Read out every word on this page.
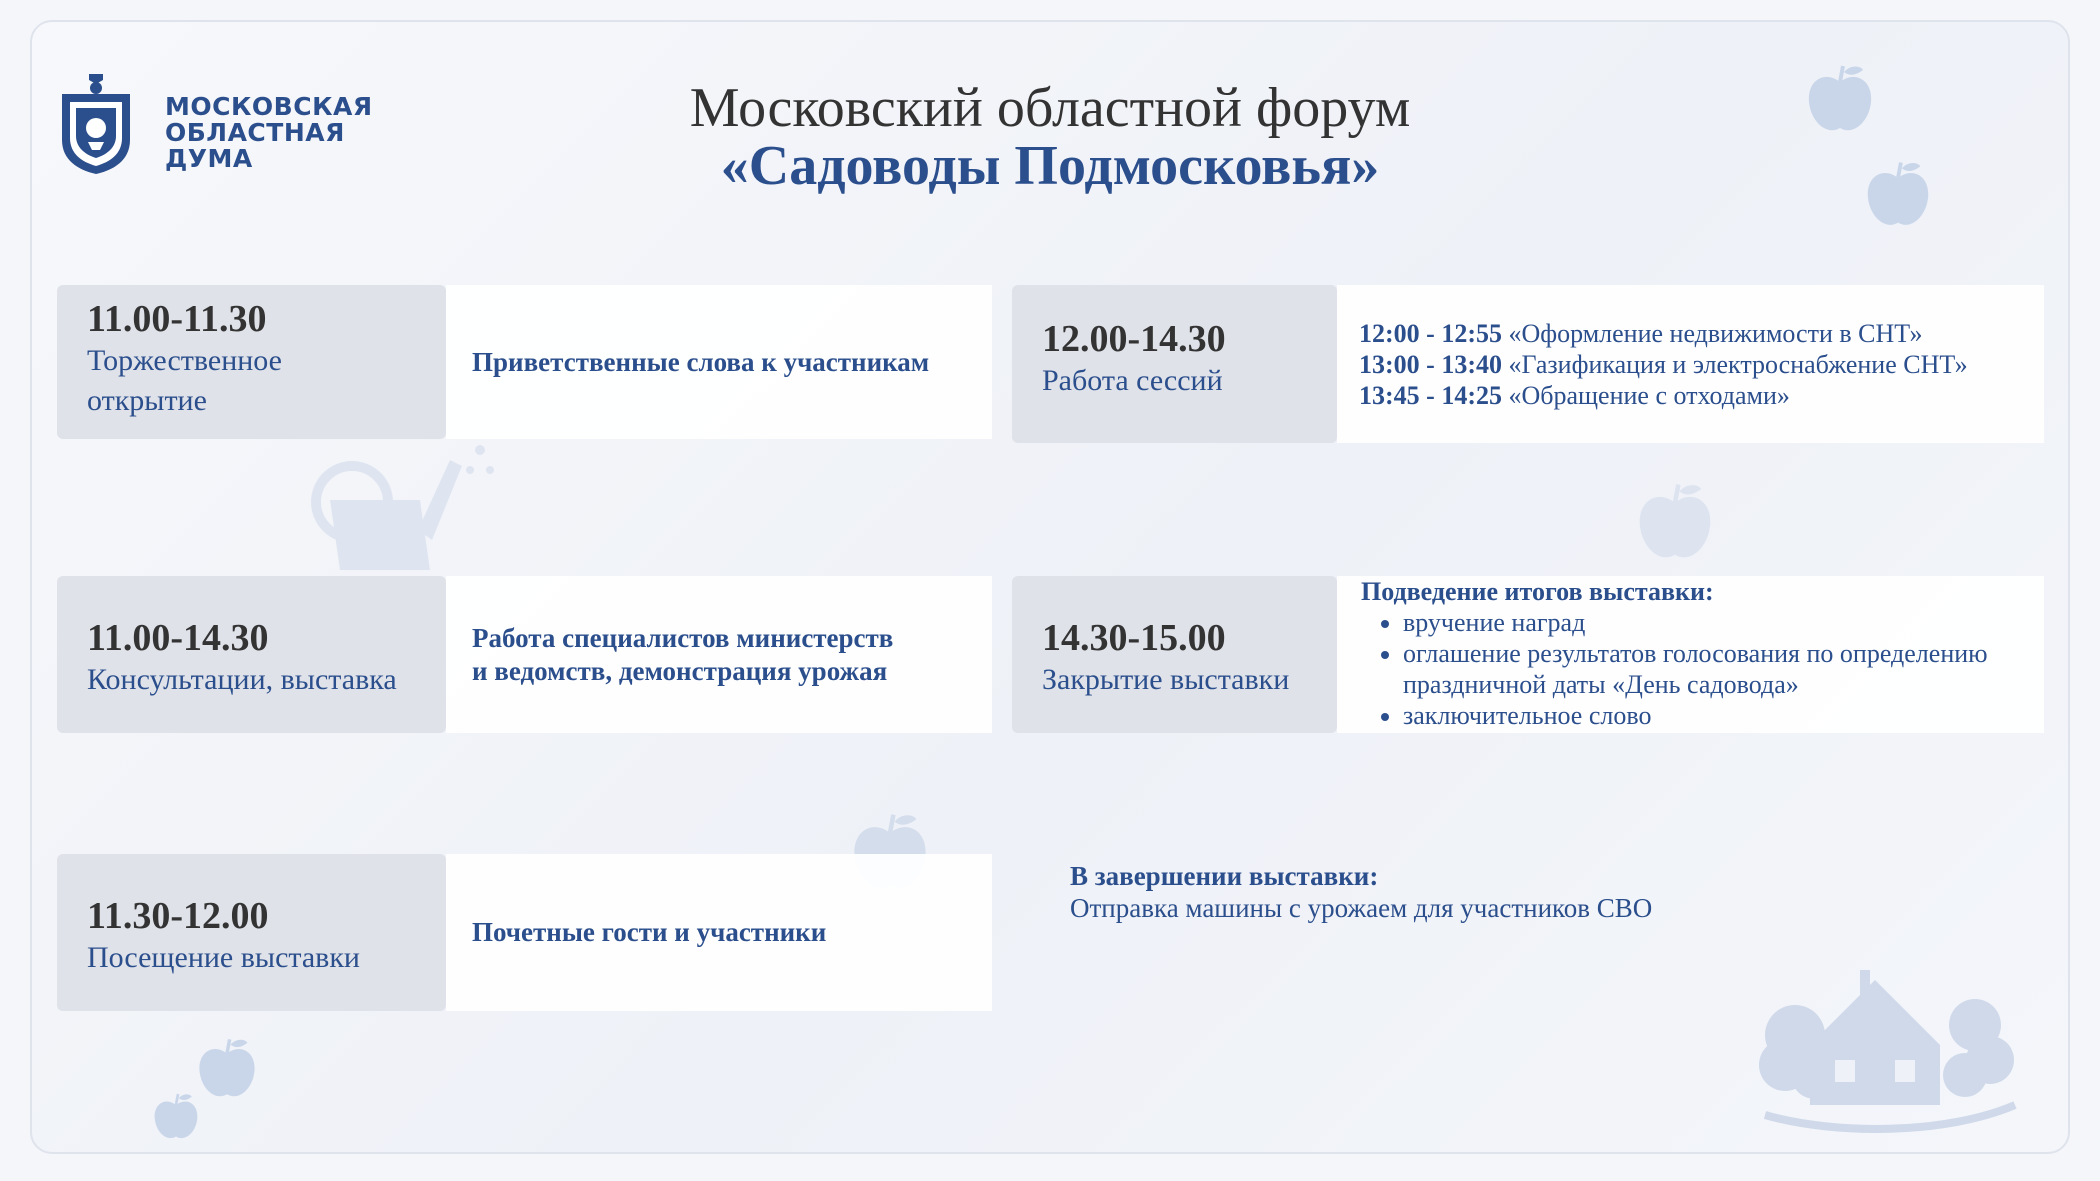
МОСКОВСКАЯ
ОБЛАСТНАЯ
ДУМА
Московский областной форум
«Садоводы Подмосковья»
11.00-11.30
Торжественное
открытие
Приветственные слова к участникам
12.00-14.30
Работа сессий
12:00 - 12:55 «Оформление недвижимости в СНТ»
13:00 - 13:40 «Газификация и электроснабжение СНТ»
13:45 - 14:25 «Обращение с отходами»
11.00-14.30
Консультации, выставка
Работа специалистов министерств
и ведомств, демонстрация урожая
14.30-15.00
Закрытие выставки
Подведение итогов выставки:
• вручение наград
• оглашение результатов голосования по определению праздничной даты «День садовода»
• заключительное слово
11.30-12.00
Посещение выставки
Почетные гости и участники
В завершении выставки:
Отправка машины с урожаем для участников СВО
